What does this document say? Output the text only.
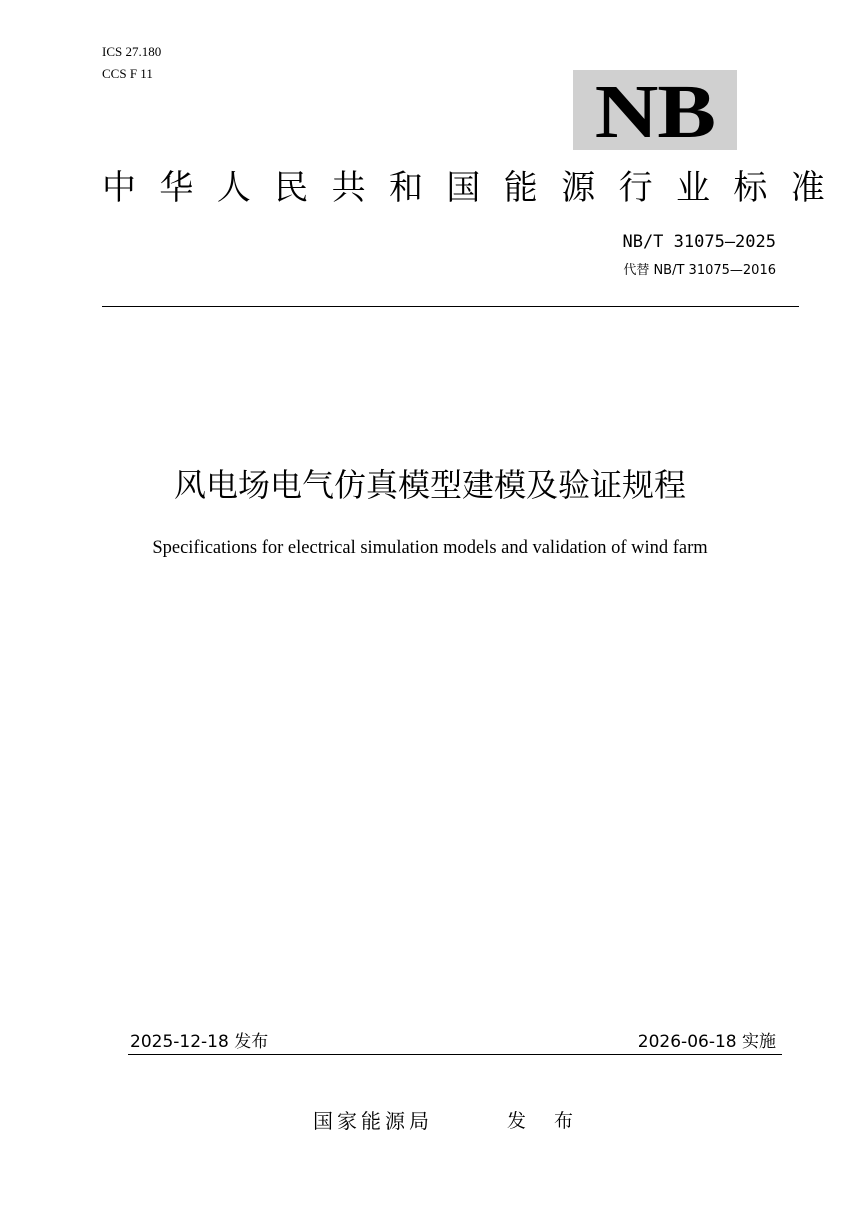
ICS 27.180
CCS F 11	NB
中华人民共和国能源行业标准
NB/T 31075—2025
代替 NB/T 31075—2016
风电场电气仿真模型建模及验证规程
Specifications for electrical simulation models and validation of wind farm
2025-12-18 发布	2026-06-18 实施
国家能源局	发 布
